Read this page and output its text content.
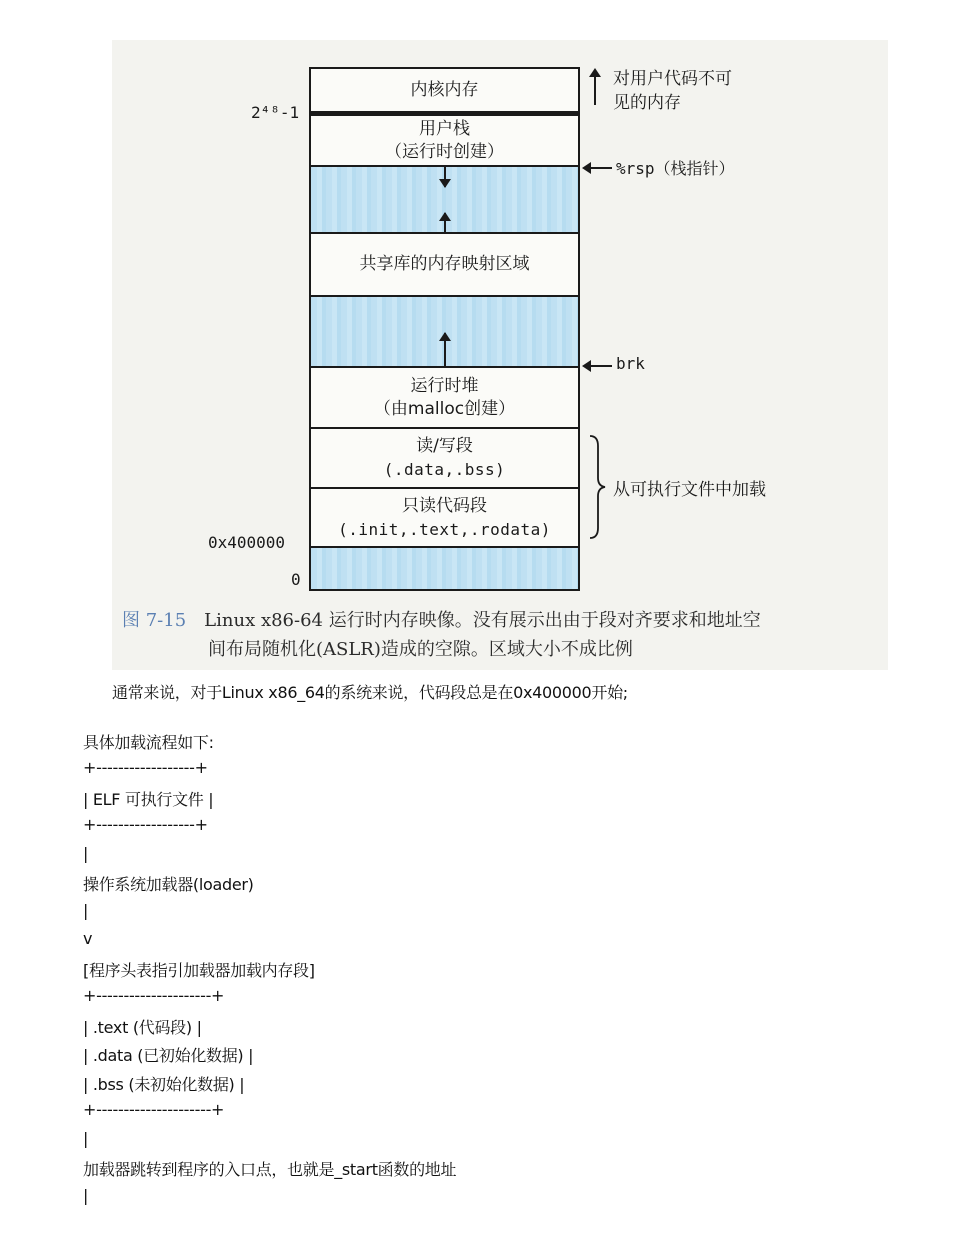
内核内存
用户栈
（运行时创建）
共享库的内存映射区域
运行时堆
（由malloc创建）
读/写段
(.data,.bss)
只读代码段
(.init,.text,.rodata)
2⁴⁸-1
0x400000
0
对用户代码不可
见的内存
%rsp（栈指针）
brk
从可执行文件中加载
图 7-15 Linux x86-64 运行时内存映像。没有展示出由于段对齐要求和地址空
间布局随机化(ASLR)造成的空隙。区域大小不成比例
通常来说，对于Linux x86_64的系统来说，代码段总是在0x400000开始;
具体加载流程如下:
+------------------+
| ELF 可执行文件 |
+------------------+
|
操作系统加载器(loader)
|
v
[程序头表指引加载器加载内存段]
+---------------------+
| .text (代码段) |
| .data (已初始化数据) |
| .bss (未初始化数据) |
+---------------------+
|
加载器跳转到程序的入口点，也就是_start函数的地址
|
